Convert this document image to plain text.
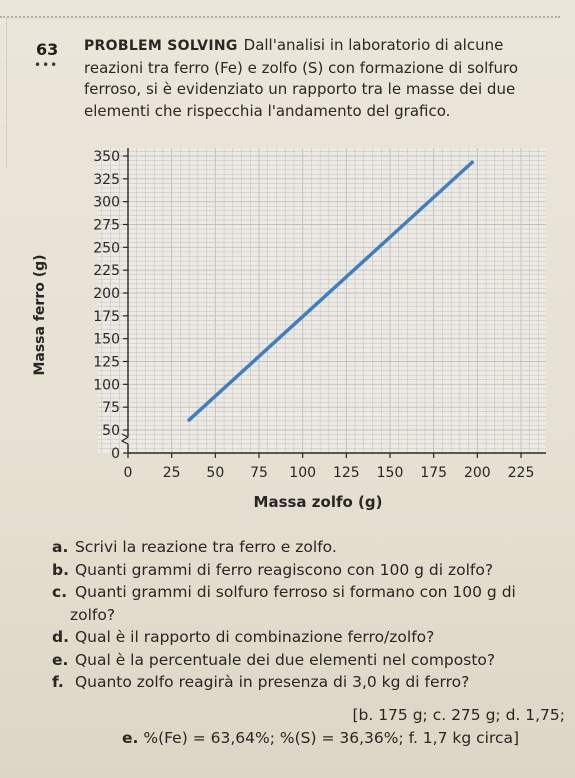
63
•••
PROBLEM SOLVING Dall'analisi in laboratorio di alcune
reazioni tra ferro (Fe) e zolfo (S) con formazione di solfuro
ferroso, si è evidenziato un rapporto tra le masse dei due
elementi che rispecchia l'andamento del grafico.
0
50
75
100
125
150
175
200
225
250
275
300
325
350
0 25 50 75 100 125 150 175 200 225
Massa zolfo (g)
Massa ferro (g)

a. Scrivi la reazione tra ferro e zolfo.

b. Quanti grammi di ferro reagiscono con 100 g di zolfo?

c. Quanti grammi di solfuro ferroso si formano con 100 g di zolfo?

d. Qual è il rapporto di combinazione ferro/zolfo?

e. Qual è la percentuale dei due elementi nel composto?

f. Quanto zolfo reagirà in presenza di 3,0 kg di ferro?

[b. 175 g; c. 275 g; d. 1,75;
e. %(Fe) = 63,64%; %(S) = 36,36%; f. 1,7 kg circa]
